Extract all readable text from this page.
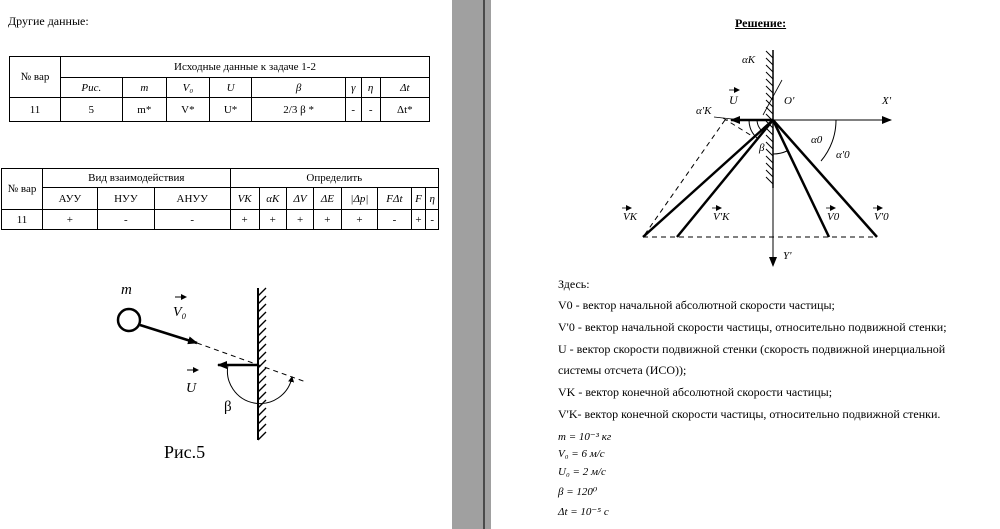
Другие данные:
№ вар	Исходные данные к задаче 1-2							
	Рис.	m	V₀	U	β	γ	η	Δt
11	5	m*	V*	U*	2/3 β *	-	-	Δt*
№ вар	Вид взаимодействия			Определить							
	АУУ	НУУ	АНУУ	VK	αK	ΔV	ΔE	|Δp|	FΔt	F	η
11	+	-	-	+	+	+	+	+	-	+	-
m
V₀
U
β
Рис.5
Решение:
αK
α'K
O'	X'
Y'
β
α0
α'0
VK	V'K	V0	V'0
U
Здесь:
V0 - вектор начальной абсолютной скорости частицы;
V'0 - вектор начальной скорости частицы, относительно подвижной стенки;
U - вектор скорости подвижной стенки (скорость подвижной инерциальной
системы отсчета (ИСО));
VK - вектор конечной абсолютной скорости частицы;
V'K- вектор конечной скорости частицы, относительно подвижной стенки.
m = 10⁻³ кг
V₀ = 6 м/с
U₀ = 2 м/с
β = 120⁰
Δt = 10⁻⁵ с
